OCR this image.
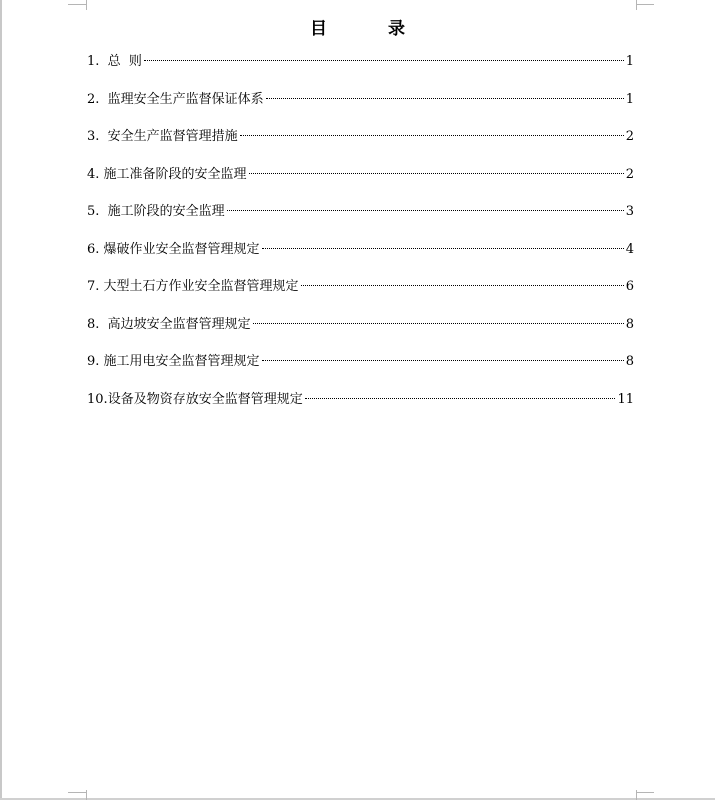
目　录
1. 总  则	1
2. 监理安全生产监督保证体系	1
3. 安全生产监督管理措施	2
4. 施工准备阶段的安全监理	2
5. 施工阶段的安全监理	3
6. 爆破作业安全监督管理规定	4
7. 大型土石方作业安全监督管理规定	6
8. 高边坡安全监督管理规定	8
9. 施工用电安全监督管理规定	8
10. 设备及物资存放安全监督管理规定	11
